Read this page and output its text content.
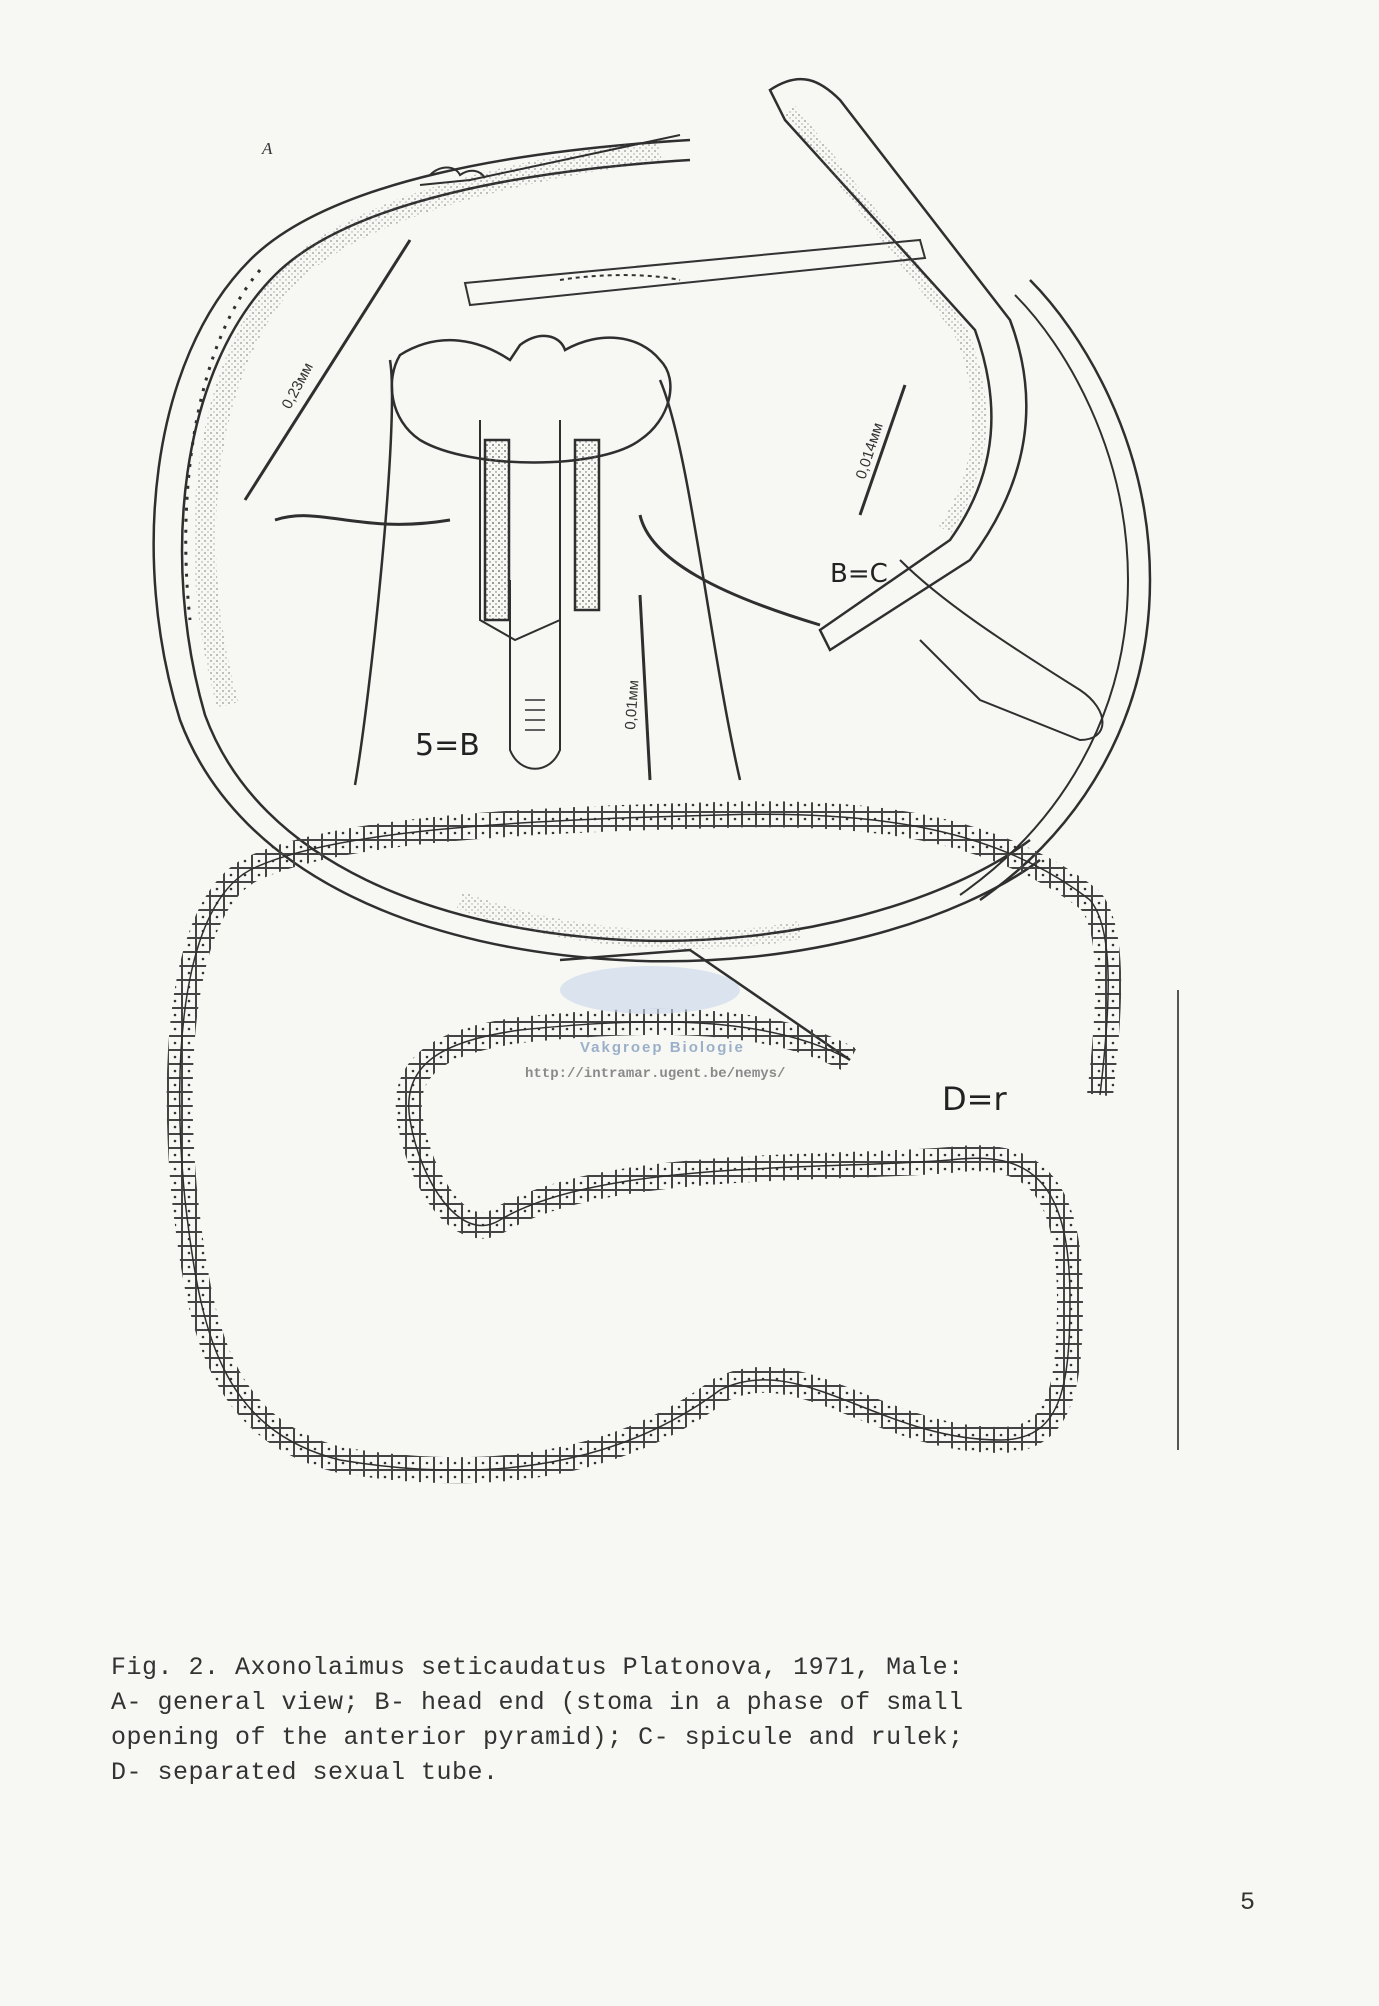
0,23мм
0,01мм
0,014мм
A
5=B
B=C
D=r
Vakgroep Biologie
http://intramar.ugent.be/nemys/
Fig. 2. Axonolaimus seticaudatus Platonova, 1971, Male:
A- general view; B- head end (stoma in a phase of small
opening of the anterior pyramid); C- spicule and rulek;
D- separated sexual tube.
5
